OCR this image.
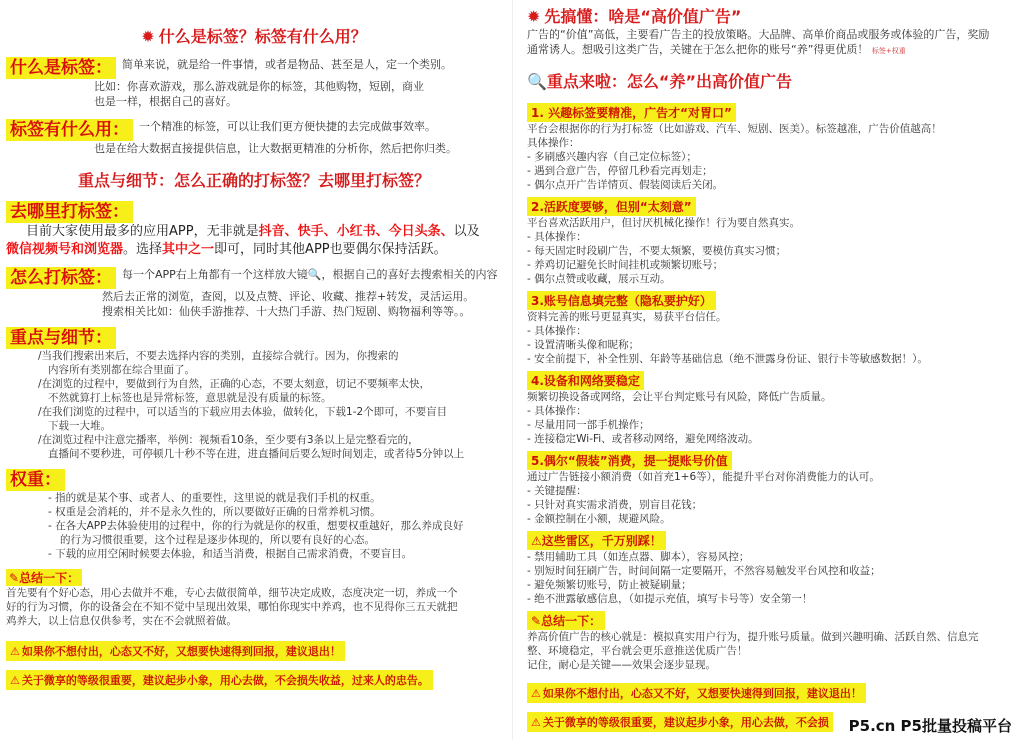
✹ 什么是标签？标签有什么用？
什么是标签： 简单来说，就是给一件事情，或者是物品、甚至是人，定一个类别。
比如：你喜欢游戏，那么游戏就是你的标签，其他购物，短剧，商业
也是一样，根据自己的喜好。
标签有什么用： 一个精准的标签，可以让我们更方便快捷的去完成做事效率。
也是在给大数据直接提供信息，让大数据更精准的分析你，然后把你归类。
重点与细节：怎么正确的打标签？去哪里打标签？
去哪里打标签：
目前大家使用最多的应用APP，无非就是抖音、快手、小红书、今日头条、以及
微信视频号和浏览器。选择其中之一即可，同时其他APP也要偶尔保持活跃。
怎么打标签： 每一个APP右上角都有一个这样放大镜🔍，根据自己的喜好去搜索相关的内容
然后去正常的浏览，查阅，以及点赞、评论、收藏、推荐+转发，灵活运用。
搜索相关比如：仙侠手游推荐、十大热门手游、热门短剧、购物福利等等。。
重点与细节：
/当我们搜索出来后，不要去选择内容的类别，直接综合就行。因为，你搜索的
内容所有类别都在综合里面了。
/在浏览的过程中，要做到行为自然，正确的心态，不要太刻意，切记不要频率太快，
不然就算打上标签也是异常标签，意思就是没有质量的标签。
/在我们浏览的过程中，可以适当的下载应用去体验，做转化，下载1-2个即可，不要盲目
下载一大堆。
/在浏览过程中注意完播率，举例：视频看10条，至少要有3条以上是完整看完的，
直播间不要秒进，可停顿几十秒不等在进，进直播间后要么短时间划走，或者待5分钟以上
权重：
- 指的就是某个事、或者人、的重要性，这里说的就是我们手机的权重。
- 权重是会消耗的，并不是永久性的，所以要做好正确的日常养机习惯。
- 在各大APP去体验使用的过程中，你的行为就是你的权重，想要权重越好，那么养成良好
的行为习惯很重要，这个过程是逐步体现的，所以要有良好的心态。
- 下载的应用空闲时候要去体验，和适当消费，根据自己需求消费，不要盲目。
✎总结一下：
首先要有个好心态，用心去做并不难，专心去做很简单，细节决定成败，态度决定一切，养成一个
好的行为习惯，你的设备会在不知不觉中呈现出效果，哪怕你现实中养鸡，也不见得你三五天就把
鸡养大，以上信息仅供参考，实在不会就照着做。
⚠ 如果你不想付出，心态又不好，又想要快速得到回报，建议退出！
⚠ 关于微享的等级很重要，建议起步小象，用心去做，不会损失收益，过来人的忠告。
✹ 先搞懂：啥是“高价值广告”
广告的“价值”高低，主要看广告主的投放策略。大品牌、高单价商品或服务或体验的广告，奖励
通常诱人。想吸引这类广告，关键在于怎么把你的账号“养”得更优质！ 标签+权重
🔍重点来啦：怎么“养”出高价值广告
1. 兴趣标签要精准，广告才“对胃口”
平台会根据你的行为打标签（比如游戏、汽车、短剧、医美）。标签越准，广告价值越高！
具体操作：
- 多刷感兴趣内容（自己定位标签）；
- 遇到合意广告，停留几秒看完再划走；
- 偶尔点开广告详情页、假装阅读后关闭。
2.活跃度要够，但别“太刻意”
平台喜欢活跃用户，但讨厌机械化操作！行为要自然真实。
- 具体操作：
- 每天固定时段刷广告，不要太频繁，要模仿真实习惯；
- 养鸡切记避免长时间挂机或频繁切账号；
- 偶尔点赞或收藏，展示互动。
3.账号信息填完整（隐私要护好）
资料完善的账号更显真实，易获平台信任。
- 具体操作：
- 设置清晰头像和昵称；
- 安全前提下，补全性别、年龄等基础信息（绝不泄露身份证、银行卡等敏感数据！）。
4.设备和网络要稳定
频繁切换设备或网络，会让平台判定账号有风险，降低广告质量。
- 具体操作：
- 尽量用同一部手机操作；
- 连接稳定Wi-Fi、或者移动网络，避免网络波动。
5.偶尔“假装”消费，提一提账号价值
通过广告链接小额消费（如首充1+6等），能提升平台对你消费能力的认可。
- 关键提醒：
- 只针对真实需求消费，别盲目花钱；
- 金额控制在小额，规避风险。
⚠这些雷区，千万别踩！
- 禁用辅助工具（如连点器、脚本），容易风控；
- 别短时间狂刷广告，时间间隔一定要隔开，不然容易触发平台风控和收益；
- 避免频繁切账号，防止被疑刷量；
- 绝不泄露敏感信息，（如提示充值，填写卡号等）安全第一！
✎总结一下：
养高价值广告的核心就是：模拟真实用户行为，提升账号质量。做到兴趣明确、活跃自然、信息完
整、环境稳定，平台就会更乐意推送优质广告！
记住，耐心是关键——效果会逐步显现。
⚠ 如果你不想付出，心态又不好，又想要快速得到回报，建议退出！
⚠ 关于微享的等级很重要，建议起步小象，用心去做，不会损	P5.cn P5批量投稿平台
